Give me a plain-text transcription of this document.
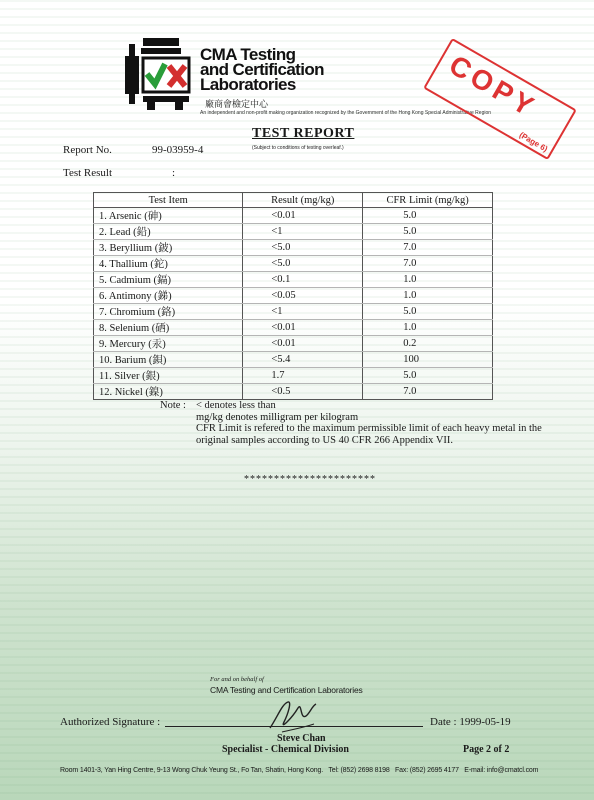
CMA Testing
and Certification
Laboratories
廠商會檢定中心
An independent and non-profit making organization recognized by the Government of the Hong Kong Special Administrative Region
COPY
(Page 6)
TEST REPORT
(Subject to conditions of testing overleaf.)
Report No.	99-03959-4
Test Result	:
Test Item	Result (mg/kg)	CFR Limit (mg/kg)
1. Arsenic (砷)	<0.01	5.0
2. Lead (鉛)	<1	5.0
3. Beryllium (鈹)	<5.0	7.0
4. Thallium (鉈)	<5.0	7.0
5. Cadmium (鎘)	<0.1	1.0
6. Antimony (銻)	<0.05	1.0
7. Chromium (鉻)	<1	5.0
8. Selenium (硒)	<0.01	1.0
9. Mercury (汞)	<0.01	0.2
10. Barium (鋇)	<5.4	100
11. Silver (銀)	1.7	5.0
12. Nickel (鎳)	<0.5	7.0
Note : < denotes less than
mg/kg denotes milligram per kilogram
CFR Limit is refered to the maximum permissible limit of each heavy metal in the original samples according to US 40 CFR 266 Appendix VII.
**********************
For and on behalf of
CMA Testing and Certification Laboratories
Authorized Signature :	Date : 1999-05-19
Steve Chan
Specialist - Chemical Division	Page 2 of 2
Room 1401-3, Yan Hing Centre, 9-13 Wong Chuk Yeung St., Fo Tan, Shatin, Hong Kong. Tel: (852) 2698 8198 Fax: (852) 2695 4177 E-mail: info@cmatcl.com
